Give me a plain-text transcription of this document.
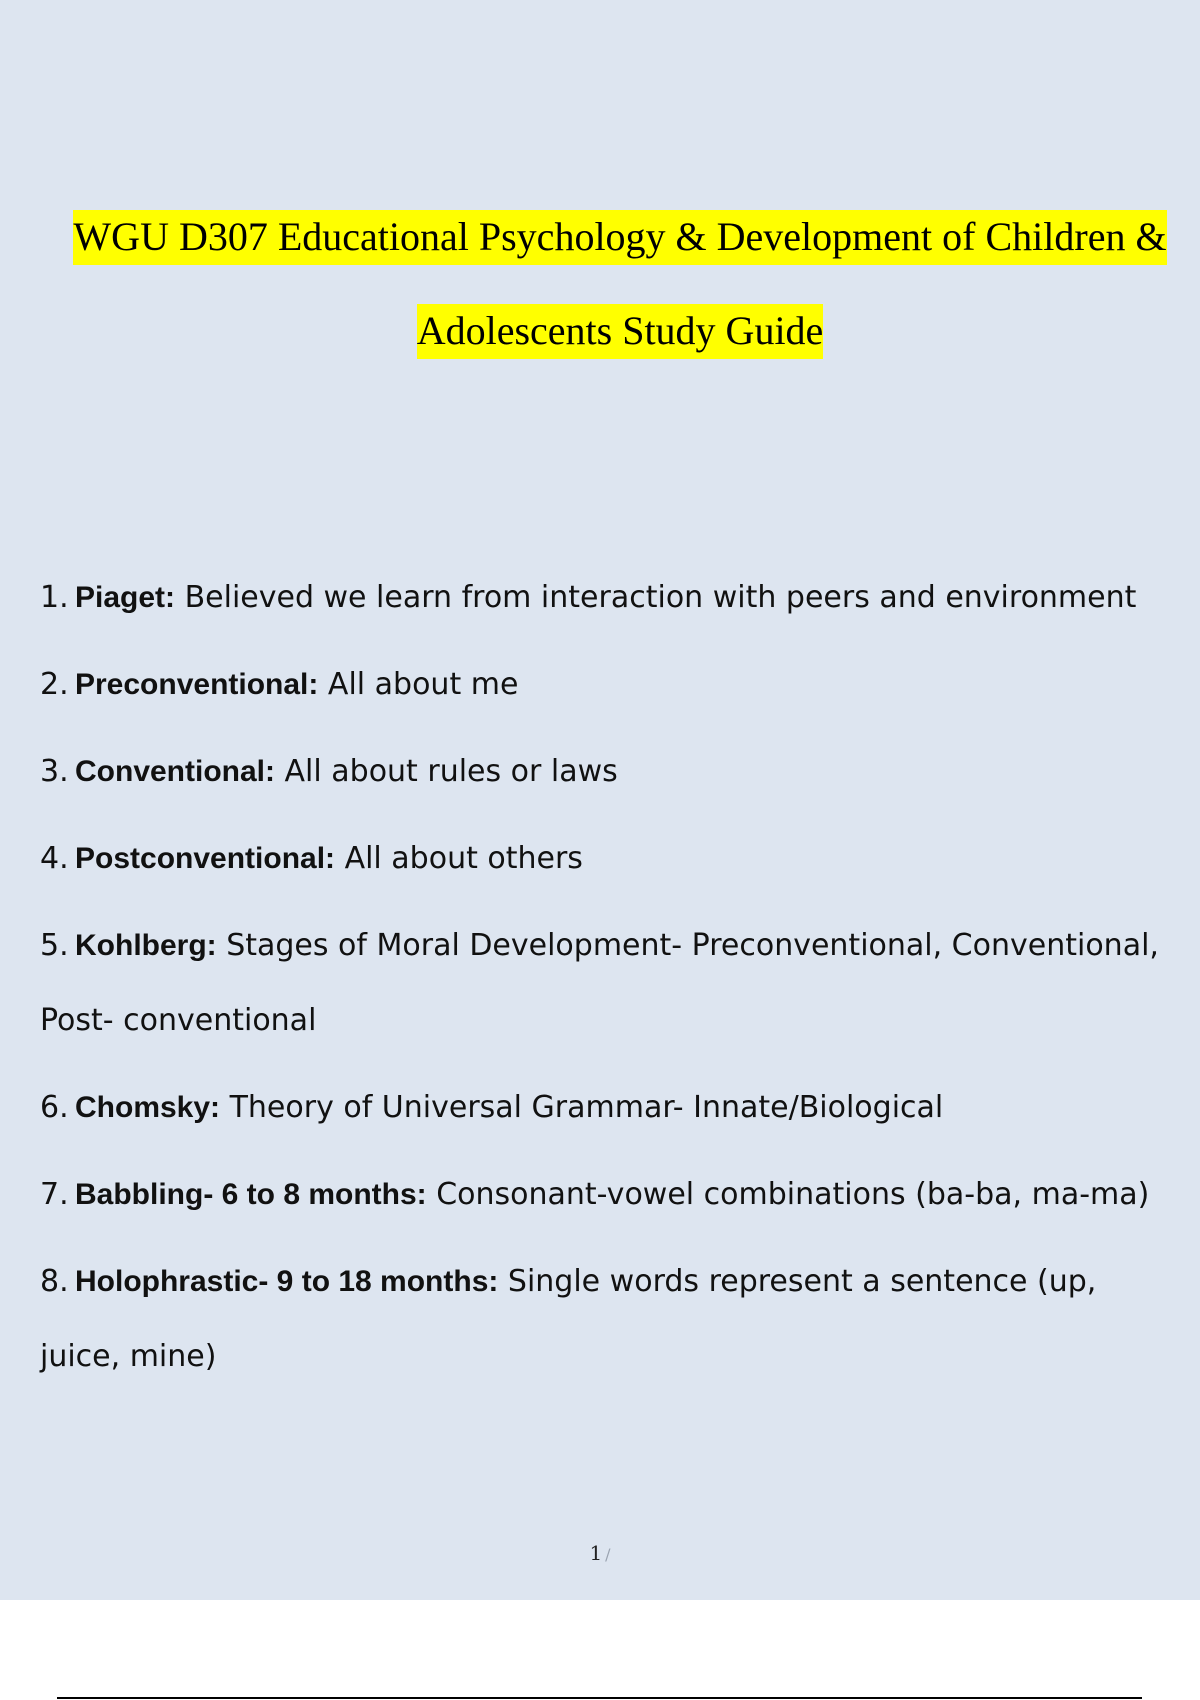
WGU D307 Educational Psychology & Development of Children &
Adolescents Study Guide
1. Piaget: Believed we learn from interaction with peers and environment
2. Preconventional: All about me
3. Conventional: All about rules or laws
4. Postconventional: All about others
5. Kohlberg: Stages of Moral Development- Preconventional, Conventional, Post- conventional
6. Chomsky: Theory of Universal Grammar- Innate/Biological
7. Babbling- 6 to 8 months: Consonant-vowel combinations (ba-ba, ma-ma)
8. Holophrastic- 9 to 18 months: Single words represent a sentence (up, juice, mine)
1 /
